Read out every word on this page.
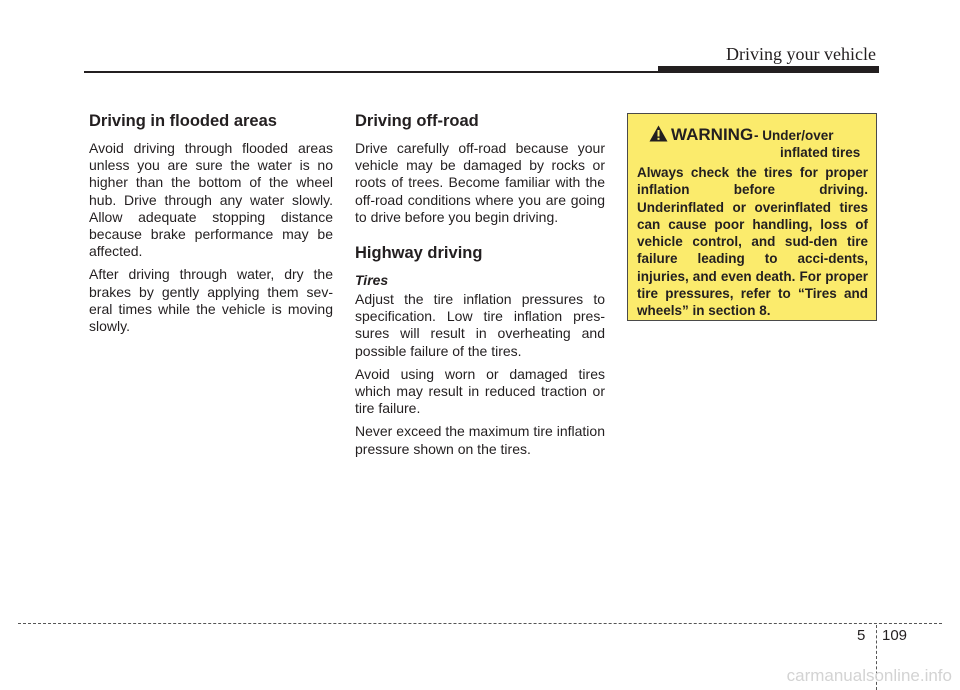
Driving your vehicle
Driving in flooded areas

Avoid driving through flooded areas unless you are sure the water is no higher than the bottom of the wheel hub. Drive through any water slowly. Allow adequate stopping distance because brake performance may be affected.

After driving through water, dry the brakes by gently applying them sev-eral times while the vehicle is moving slowly.

Driving off-road

Drive carefully off-road because your vehicle may be damaged by rocks or roots of trees. Become familiar with the off-road conditions where you are going to drive before you begin driving.

Highway driving
Tires

Adjust the tire inflation pressures to specification. Low tire inflation pres-sures will result in overheating and possible failure of the tires.

Avoid using worn or damaged tires which may result in reduced traction or tire failure.

Never exceed the maximum tire inflation pressure shown on the tires.

WARNING - Under/over
inflated tires
Always check the tires for proper inflation before driving. Underinflated or overinflated tires can cause poor handling, loss of vehicle control, and sud-den tire failure leading to acci-dents, injuries, and even death. For proper tire pressures, refer to “Tires and wheels” in section 8.
5 109
carmanualsonline.info
